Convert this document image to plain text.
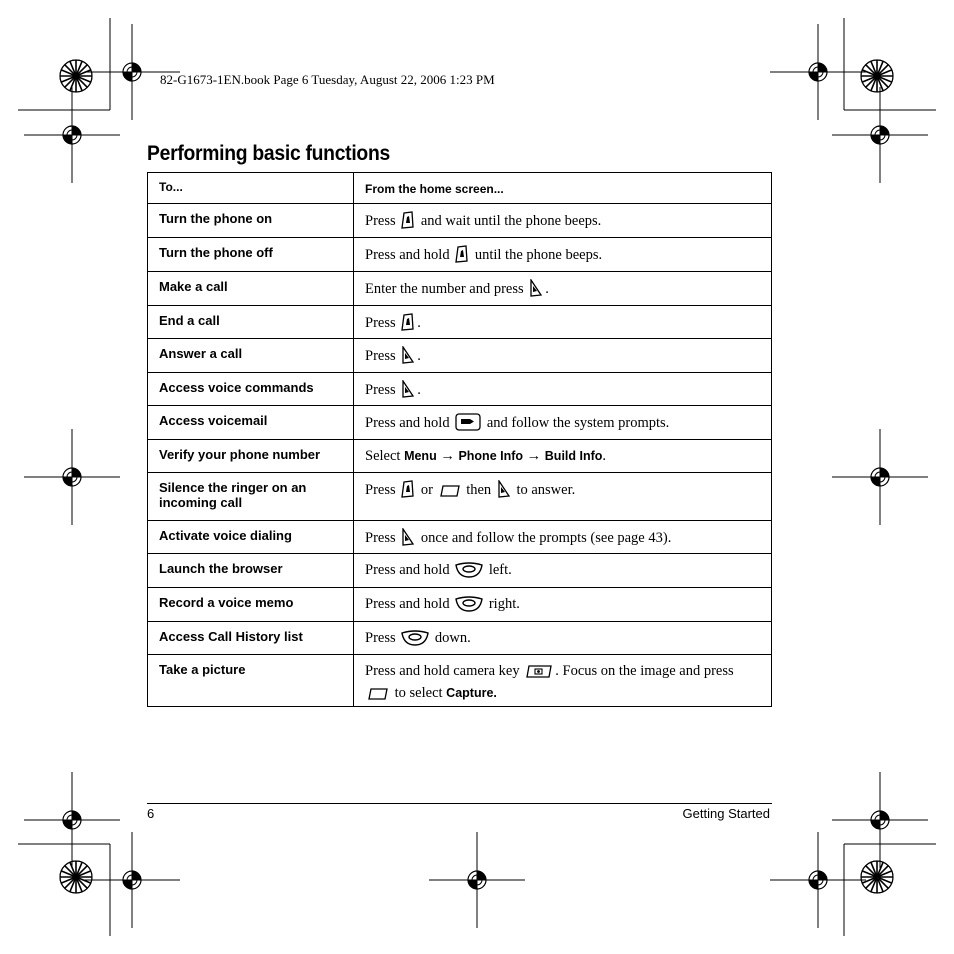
82-G1673-1EN.book Page 6 Tuesday, August 22, 2006 1:23 PM
Performing basic functions
To...	From the home screen...
Turn the phone on	Press  and wait until the phone beeps.
Turn the phone off	Press and hold  until the phone beeps.
Make a call	Enter the number and press .
End a call	Press .
Answer a call	Press .
Access voice commands	Press .
Access voicemail	Press and hold  and follow the system prompts.
Verify your phone number	Select Menu → Phone Info → Build Info.
Silence the ringer on an incoming call	Press  or  then  to answer.
Activate voice dialing	Press  once and follow the prompts (see page 43).
Launch the browser	Press and hold  left.
Record a voice memo	Press and hold  right.
Access Call History list	Press  down.
Take a picture	Press and hold camera key . Focus on the image and press  to select Capture.
6	Getting Started
